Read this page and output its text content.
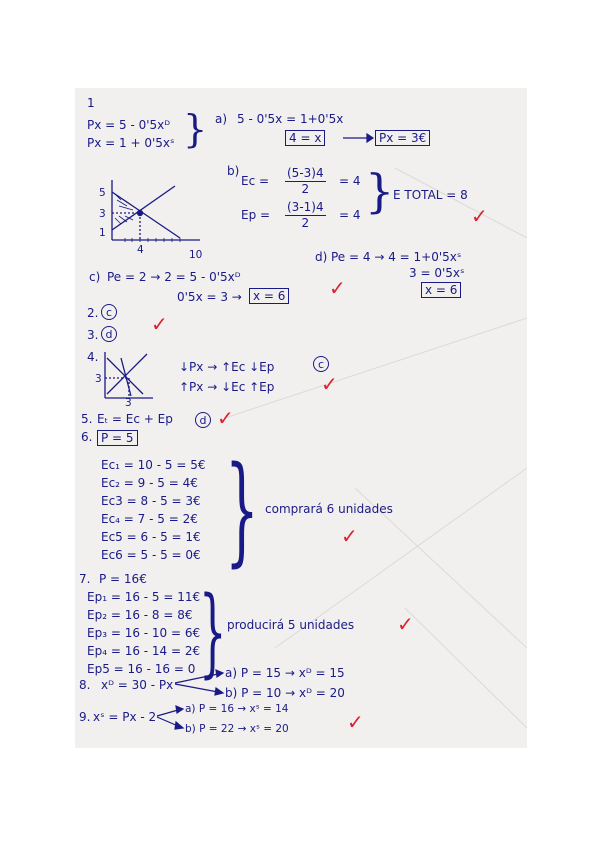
1
Px = 5 - 0'5xᴰ
Px = 1 + 0'5xˢ } a) 5 - 0'5x = 1+0'5x
4 = x	Px = 3€
b)
$Ec = \frac{(5-3)4}{2} = 4$
$Ep = \frac{(3-1)4}{2} = 4$ }
E TOTAL = 8
✓
5
3
1
4	10	d) Pe = 4 → 4 = 1+0'5xˢ
3 = 0'5xˢ
x = 6
c) Pe = 2 → 2 = 5 - 0'5xᴰ
0'5x = 3 → x = 6 ✓
2. c
3. d ✓
4.
3
3
↓Px → ↑Ec ↓Ep
↑Px → ↓Ec ↑Ep
c
✓
5. Eₜ = Ec + Ep	d ✓
6. P = 5
Ec₁ = 10 - 5 = 5€
Ec₂ = 9 - 5 = 4€
Ec3 = 8 - 5 = 3€
Ec₄ = 7 - 5 = 2€
Ec5 = 6 - 5 = 1€
Ec6 = 5 - 5 = 0€ } comprará 6 unidades
✓
7. P = 16€
Ep₁ = 16 - 5 = 11€
Ep₂ = 16 - 8 = 8€
Ep₃ = 16 - 10 = 6€
Ep₄ = 16 - 14 = 2€
Ep5 = 16 - 16 = 0 } producirá 5 unidades ✓
8. xᴰ = 30 - Px
a) P = 15 → xᴰ = 15
b) P = 10 → xᴰ = 20
9. xˢ = Px - 2
a) P = 16 → xˢ = 14
b) P = 22 → xˢ = 20	✓
